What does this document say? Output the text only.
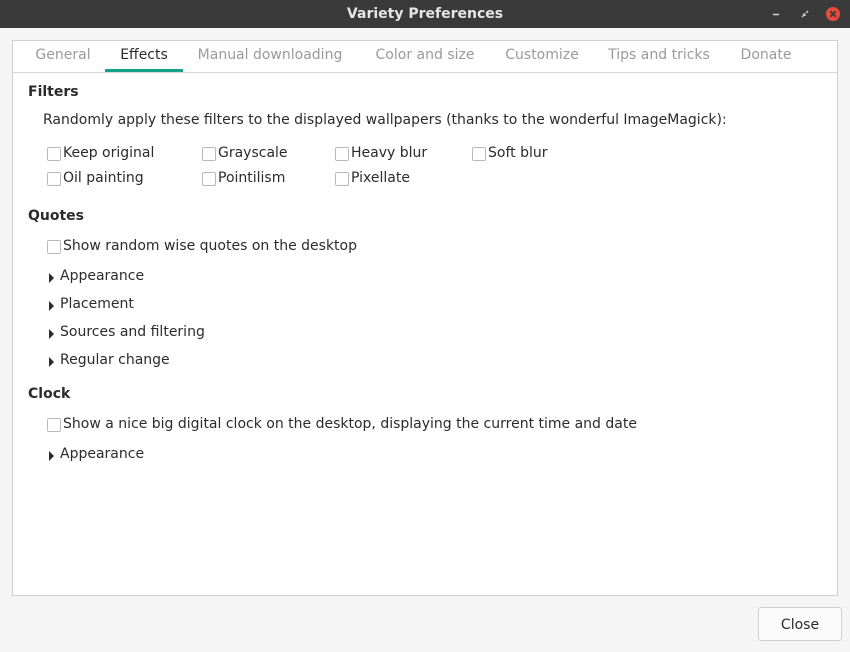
Variety Preferences
General	Effects	Manual downloading	Color and size	Customize	Tips and tricks	Donate
Filters
Randomly apply these filters to the displayed wallpapers (thanks to the wonderful ImageMagick):
Keep original	Grayscale	Heavy blur	Soft blur
Oil painting	Pointilism	Pixellate
Quotes
Show random wise quotes on the desktop
Appearance
Placement
Sources and filtering
Regular change
Clock
Show a nice big digital clock on the desktop, displaying the current time and date
Appearance
Close
